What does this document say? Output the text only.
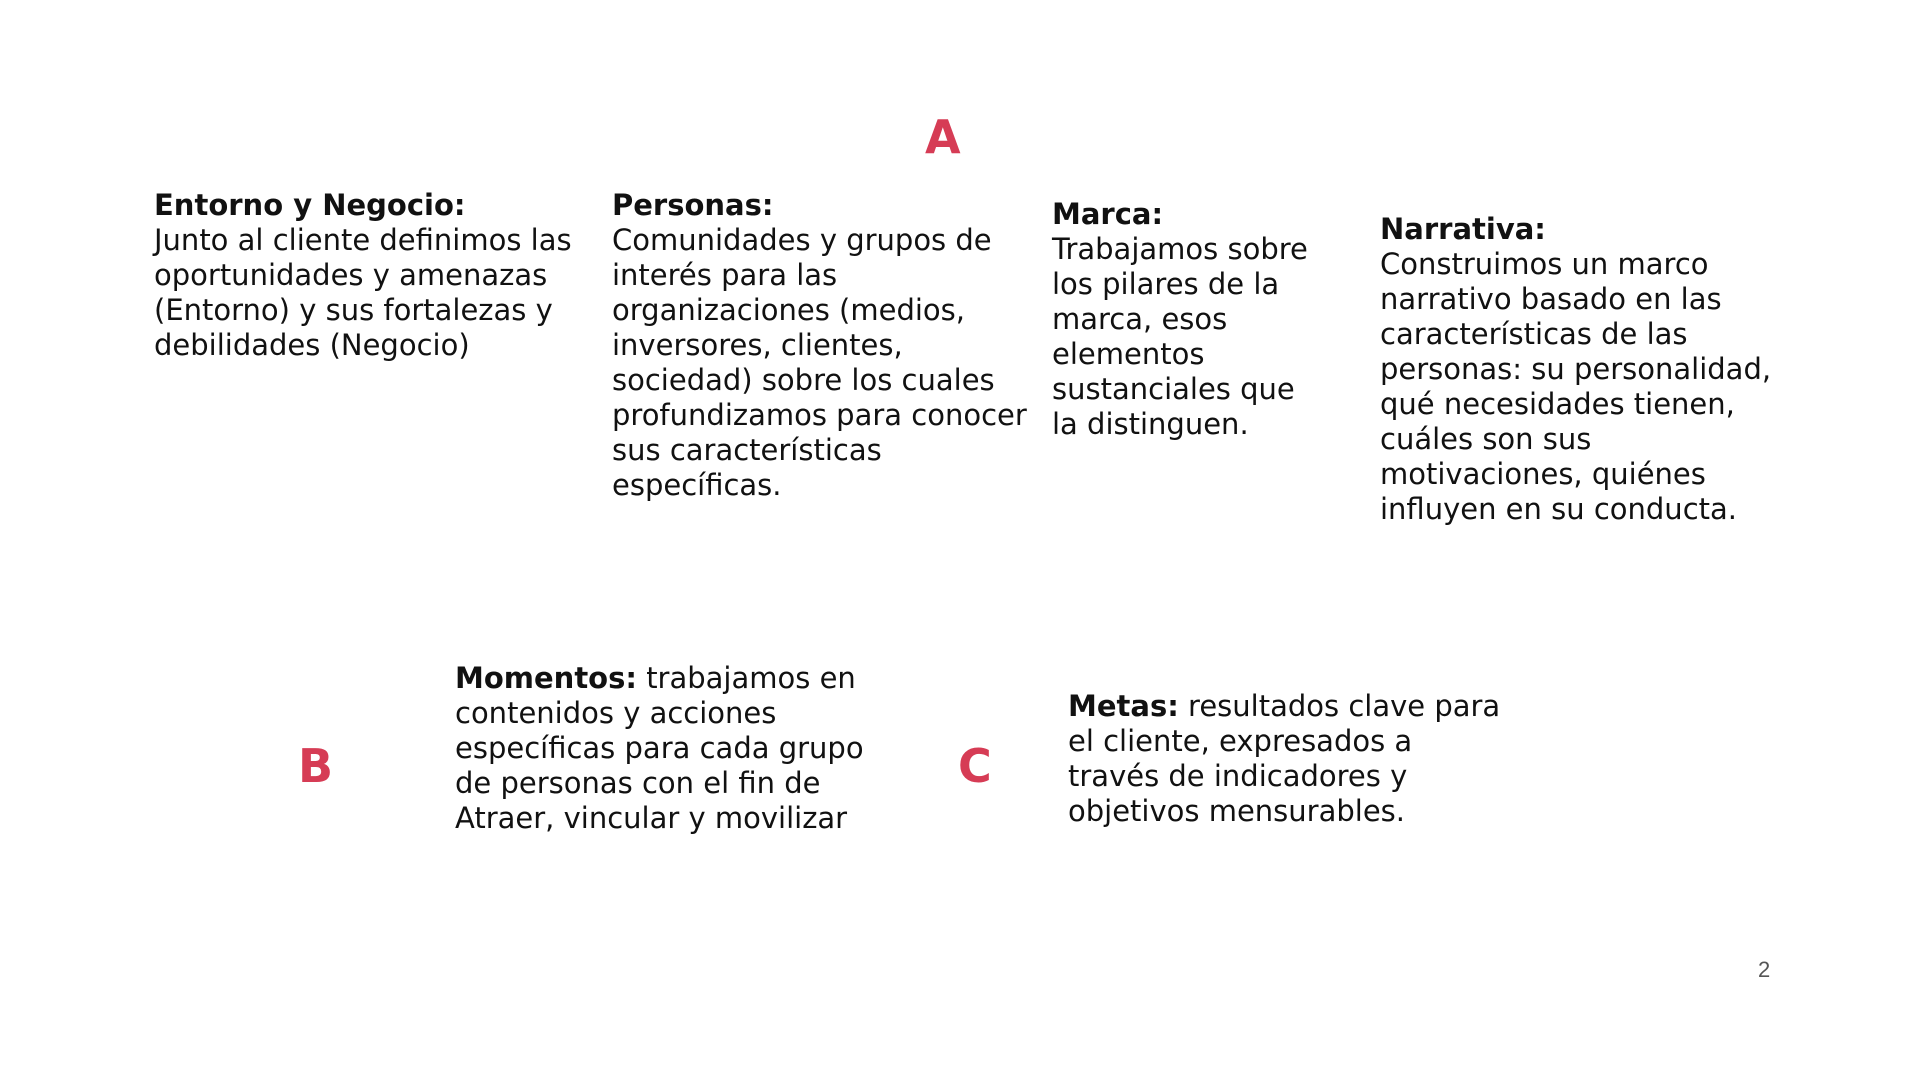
A
Entorno y Negocio:
Junto al cliente definimos las oportunidades y amenazas (Entorno) y sus fortalezas y debilidades (Negocio)
Personas:
Comunidades y grupos de interés para las organizaciones (medios, inversores, clientes, sociedad) sobre los cuales profundizamos para conocer sus características específicas.
Marca:
Trabajamos sobre los pilares de la marca, esos elementos sustanciales que la distinguen.
Narrativa:
Construimos un marco narrativo basado en las características de las personas: su personalidad, qué necesidades tienen, cuáles son sus motivaciones, quiénes influyen en su conducta.
B
Momentos: trabajamos en contenidos y acciones específicas para cada grupo de personas con el fin de Atraer, vincular y movilizar
C
Metas: resultados clave para el cliente, expresados a través de indicadores y objetivos mensurables.
2
